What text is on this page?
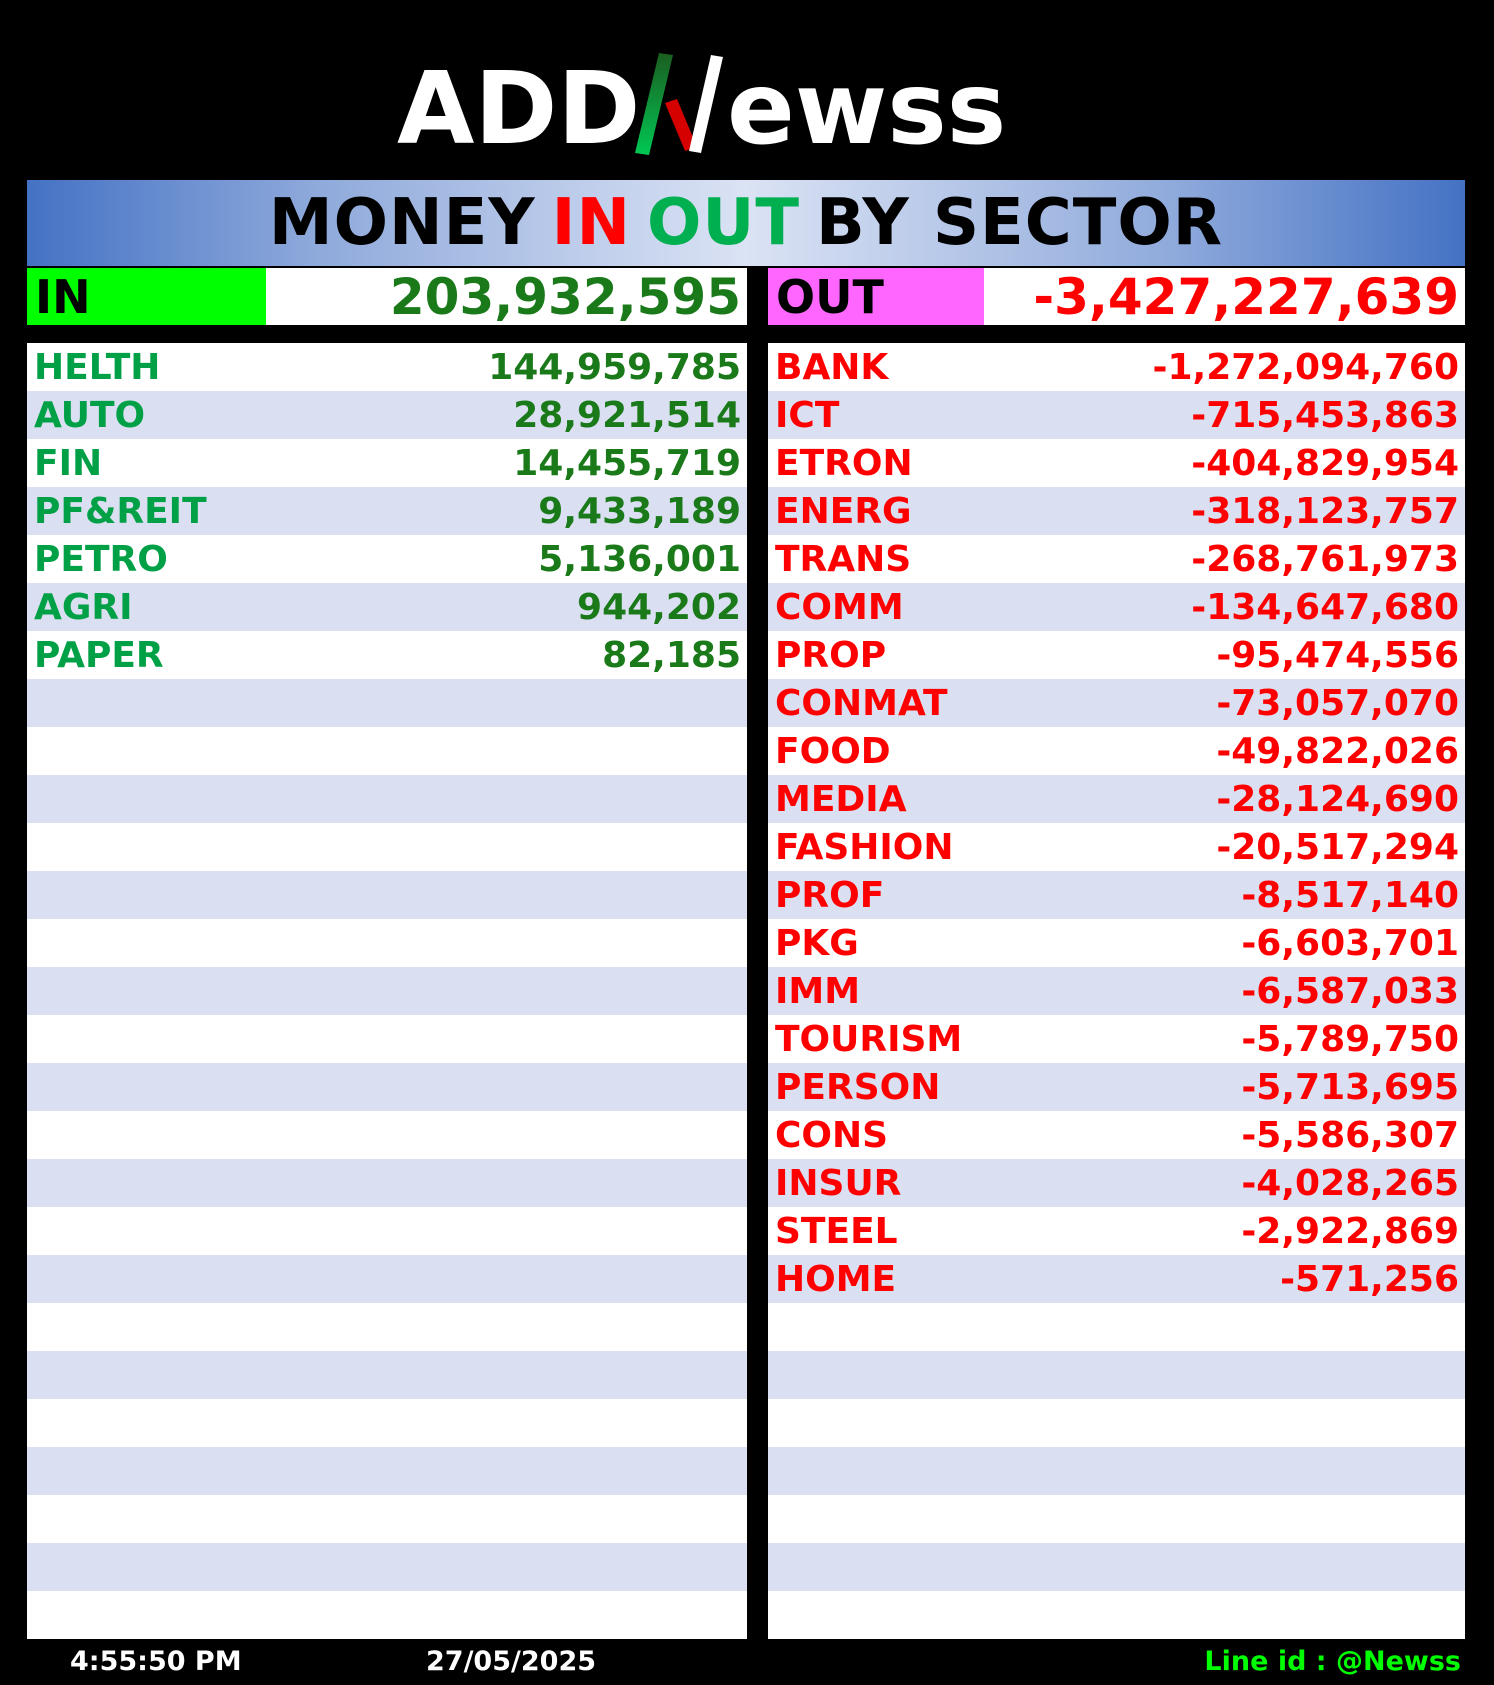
ADD ewss
MONEY IN OUT BY SECTOR
IN	203,932,595 OUT	-3,427,227,639
HELTH	144,959,785
AUTO	28,921,514
FIN	14,455,719
PF&REIT	9,433,189
PETRO	5,136,001
AGRI	944,202
PAPER	82,185
BANK	-1,272,094,760
ICT	-715,453,863
ETRON	-404,829,954
ENERG	-318,123,757
TRANS	-268,761,973
COMM	-134,647,680
PROP	-95,474,556
CONMAT	-73,057,070
FOOD	-49,822,026
MEDIA	-28,124,690
FASHION	-20,517,294
PROF	-8,517,140
PKG	-6,603,701
IMM	-6,587,033
TOURISM	-5,789,750
PERSON	-5,713,695
CONS	-5,586,307
INSUR	-4,028,265
STEEL	-2,922,869
HOME	-571,256
4:55:50 PM	27/05/2025	Line id : @Newss
